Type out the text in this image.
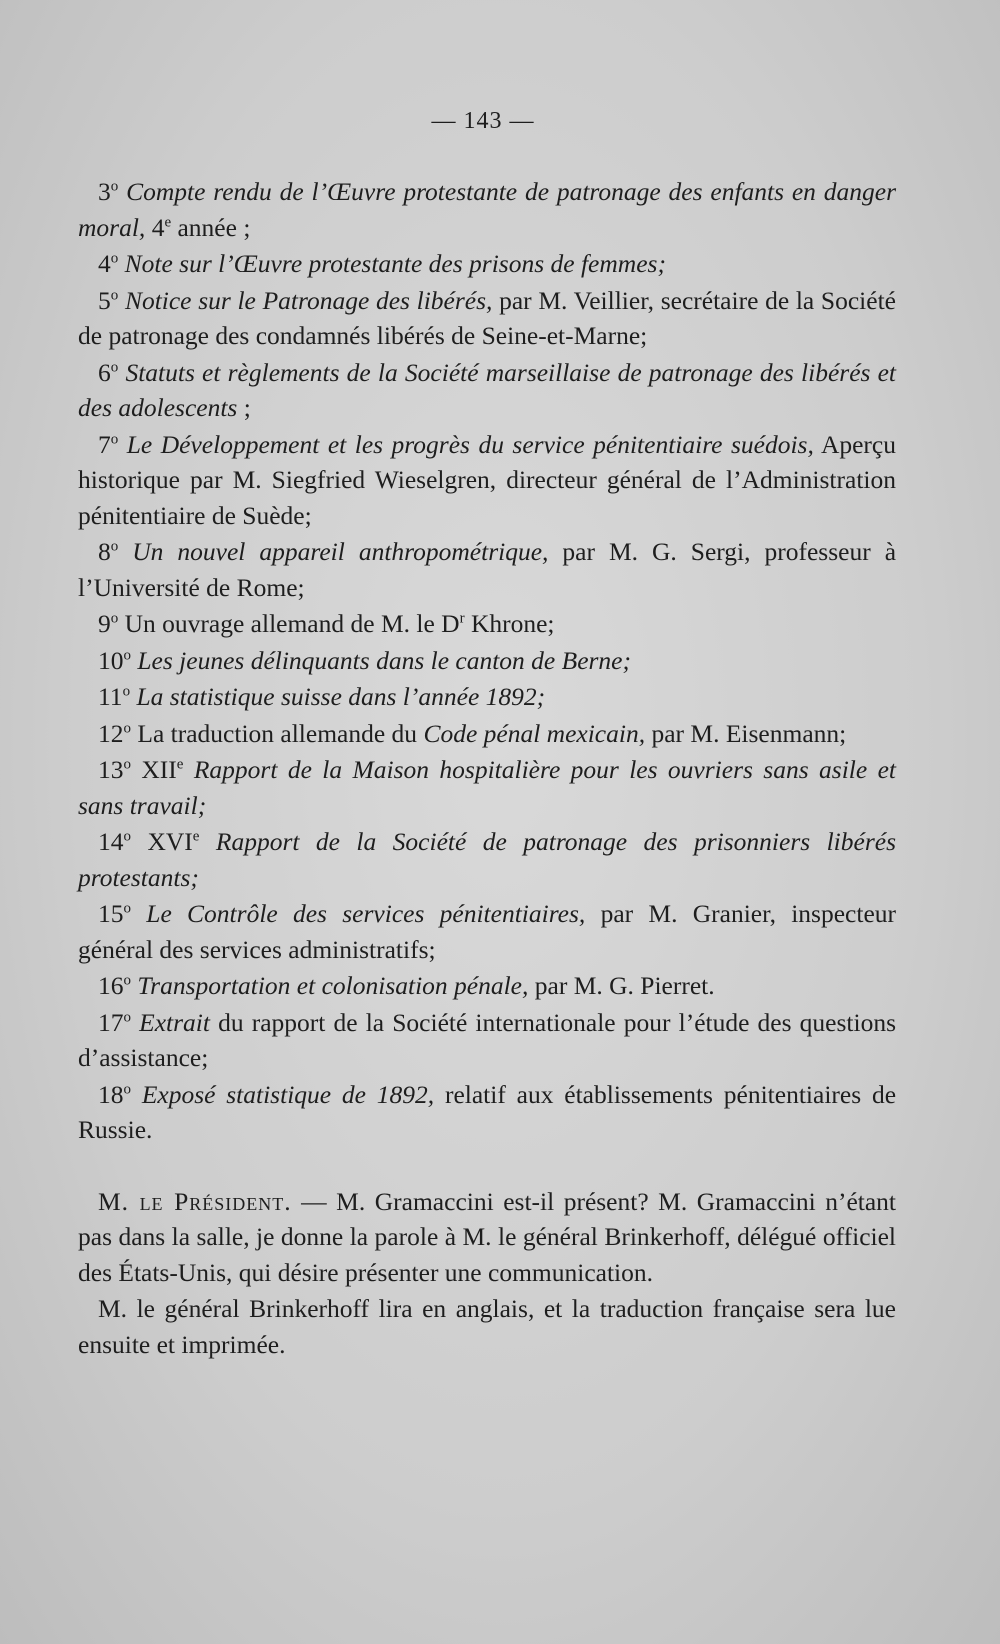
— 143 —

3$^o$ Compte rendu de l’Œuvre protestante de patronage des enfants en danger moral, 4e année ;

4$^o$ Note sur l’Œuvre protestante des prisons de femmes;

5$^o$ Notice sur le Patronage des libérés, par M. Veillier, secrétaire de la Société de patronage des condamnés libérés de Seine-et-Marne;

6$^o$ Statuts et règlements de la Société marseillaise de patronage des libérés et des adolescents ;

7$^o$ Le Développement et les progrès du service pénitentiaire suédois, Aperçu historique par M. Siegfried Wieselgren, directeur général de l’Administration pénitentiaire de Suède;

8$^o$ Un nouvel appareil anthropométrique, par M. G. Sergi, professeur à l’Université de Rome;

9$^o$ Un ouvrage allemand de M. le $D^r$ Khrone;

10$^o$ Les jeunes délinquants dans le canton de Berne;

11$^o$ La statistique suisse dans l’année 1892;

12$^o$ La traduction allemande du Code pénal mexicain, par M. Eisenmann;

13$^o$ XIIe Rapport de la Maison hospitalière pour les ouvriers sans asile et sans travail;

14$^o$ XVIe Rapport de la Société de patronage des prisonniers libérés protestants;

15$^o$ Le Contrôle des services pénitentiaires, par M. Granier, inspecteur général des services administratifs;

16$^o$ Transportation et colonisation pénale, par M. G. Pierret.

17$^o$ Extrait du rapport de la Société internationale pour l’étude des questions d’assistance;

18$^o$ Exposé statistique de 1892, relatif aux établissements pénitentiaires de Russie.

M. le Président. — M. Gramaccini est-il présent? M. Gramaccini n’étant pas dans la salle, je donne la parole à M. le général Brinkerhoff, délégué officiel des États-Unis, qui désire présenter une communication.

M. le général Brinkerhoff lira en anglais, et la traduction française sera lue ensuite et imprimée.
